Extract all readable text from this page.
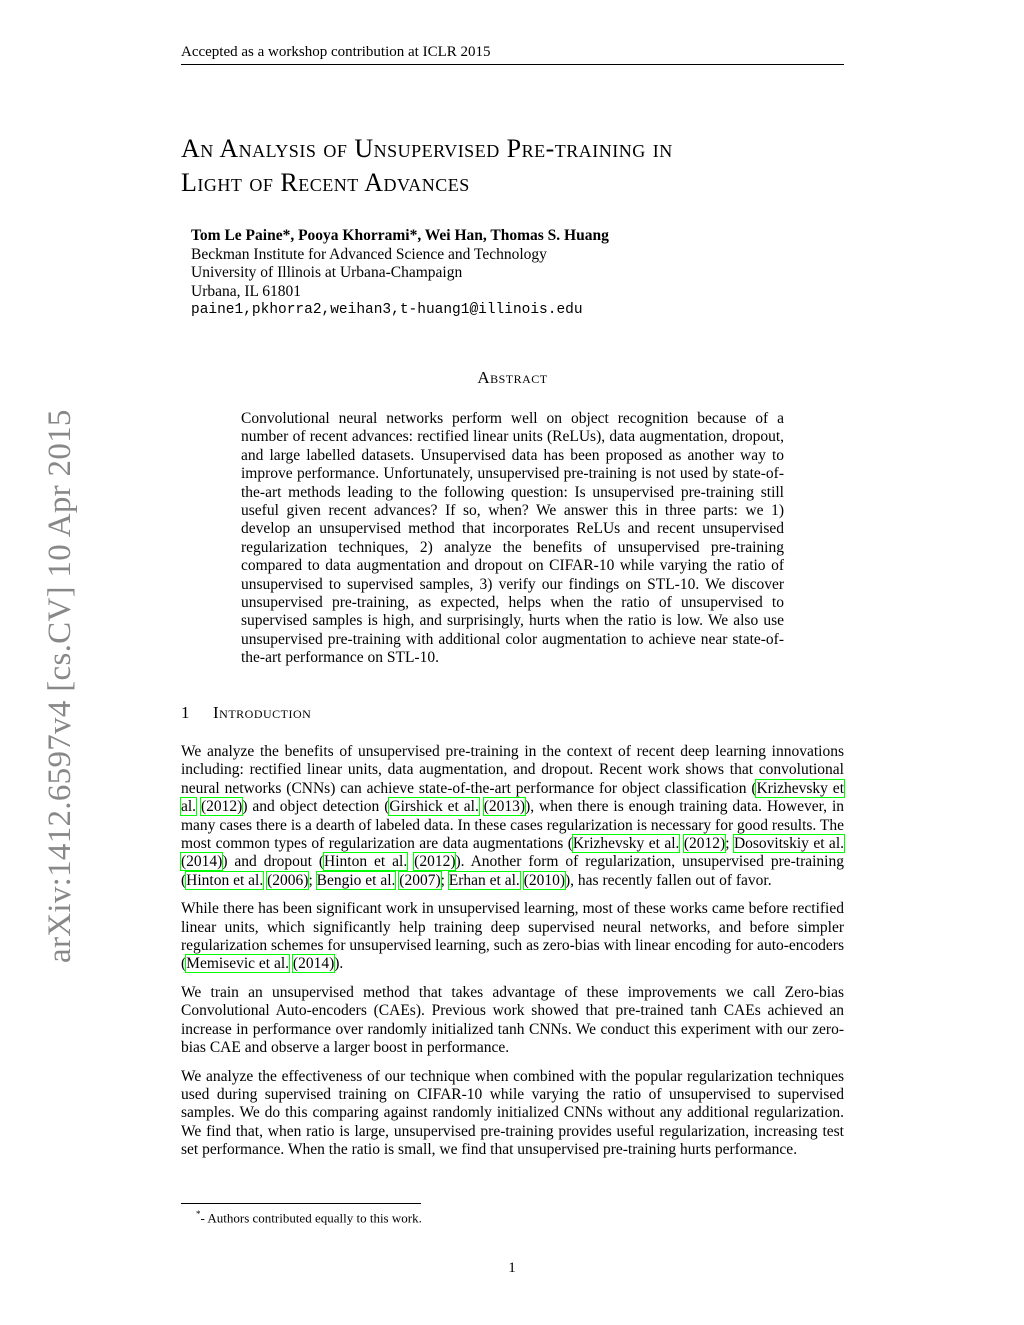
Accepted as a workshop contribution at ICLR 2015
An Analysis of Unsupervised Pre-training in
Light of Recent Advances
Tom Le Paine*, Pooya Khorrami*, Wei Han, Thomas S. Huang
Beckman Institute for Advanced Science and Technology
University of Illinois at Urbana-Champaign
Urbana, IL 61801
paine1,pkhorra2,weihan3,t-huang1@illinois.edu
Abstract
Convolutional neural networks perform well on object recognition because of a number of recent advances: rectified linear units (ReLUs), data augmentation, dropout, and large labelled datasets. Unsupervised data has been proposed as another way to improve performance. Unfortunately, unsupervised pre-training is not used by state-of-the-art methods leading to the following question: Is unsupervised pre-training still useful given recent advances? If so, when? We answer this in three parts: we 1) develop an unsupervised method that incorporates ReLUs and recent unsupervised regularization techniques, 2) analyze the benefits of unsupervised pre-training compared to data augmentation and dropout on CIFAR-10 while varying the ratio of unsupervised to supervised samples, 3) verify our findings on STL-10. We discover unsupervised pre-training, as expected, helps when the ratio of unsupervised to supervised samples is high, and surprisingly, hurts when the ratio is low. We also use unsupervised pre-training with additional color augmentation to achieve near state-of-the-art performance on STL-10.
1 Introduction

We analyze the benefits of unsupervised pre-training in the context of recent deep learning innovations including: rectified linear units, data augmentation, and dropout. Recent work shows that convolutional neural networks (CNNs) can achieve state-of-the-art performance for object classification (Krizhevsky et al. (2012)) and object detection (Girshick et al. (2013)), when there is enough training data. However, in many cases there is a dearth of labeled data. In these cases regularization is necessary for good results. The most common types of regularization are data augmentations (Krizhevsky et al. (2012); Dosovitskiy et al. (2014)) and dropout (Hinton et al. (2012)). Another form of regularization, unsupervised pre-training (Hinton et al. (2006); Bengio et al. (2007); Erhan et al. (2010)), has recently fallen out of favor.

While there has been significant work in unsupervised learning, most of these works came before rectified linear units, which significantly help training deep supervised neural networks, and before simpler regularization schemes for unsupervised learning, such as zero-bias with linear encoding for auto-encoders (Memisevic et al. (2014)).

We train an unsupervised method that takes advantage of these improvements we call Zero-bias Convolutional Auto-encoders (CAEs). Previous work showed that pre-trained tanh CAEs achieved an increase in performance over randomly initialized tanh CNNs. We conduct this experiment with our zero-bias CAE and observe a larger boost in performance.

We analyze the effectiveness of our technique when combined with the popular regularization techniques used during supervised training on CIFAR-10 while varying the ratio of unsupervised to supervised samples. We do this comparing against randomly initialized CNNs without any additional regularization. We find that, when ratio is large, unsupervised pre-training provides useful regularization, increasing test set performance. When the ratio is small, we find that unsupervised pre-training hurts performance.

*- Authors contributed equally to this work.
1
arXiv:1412.6597v4 [cs.CV] 10 Apr 2015
